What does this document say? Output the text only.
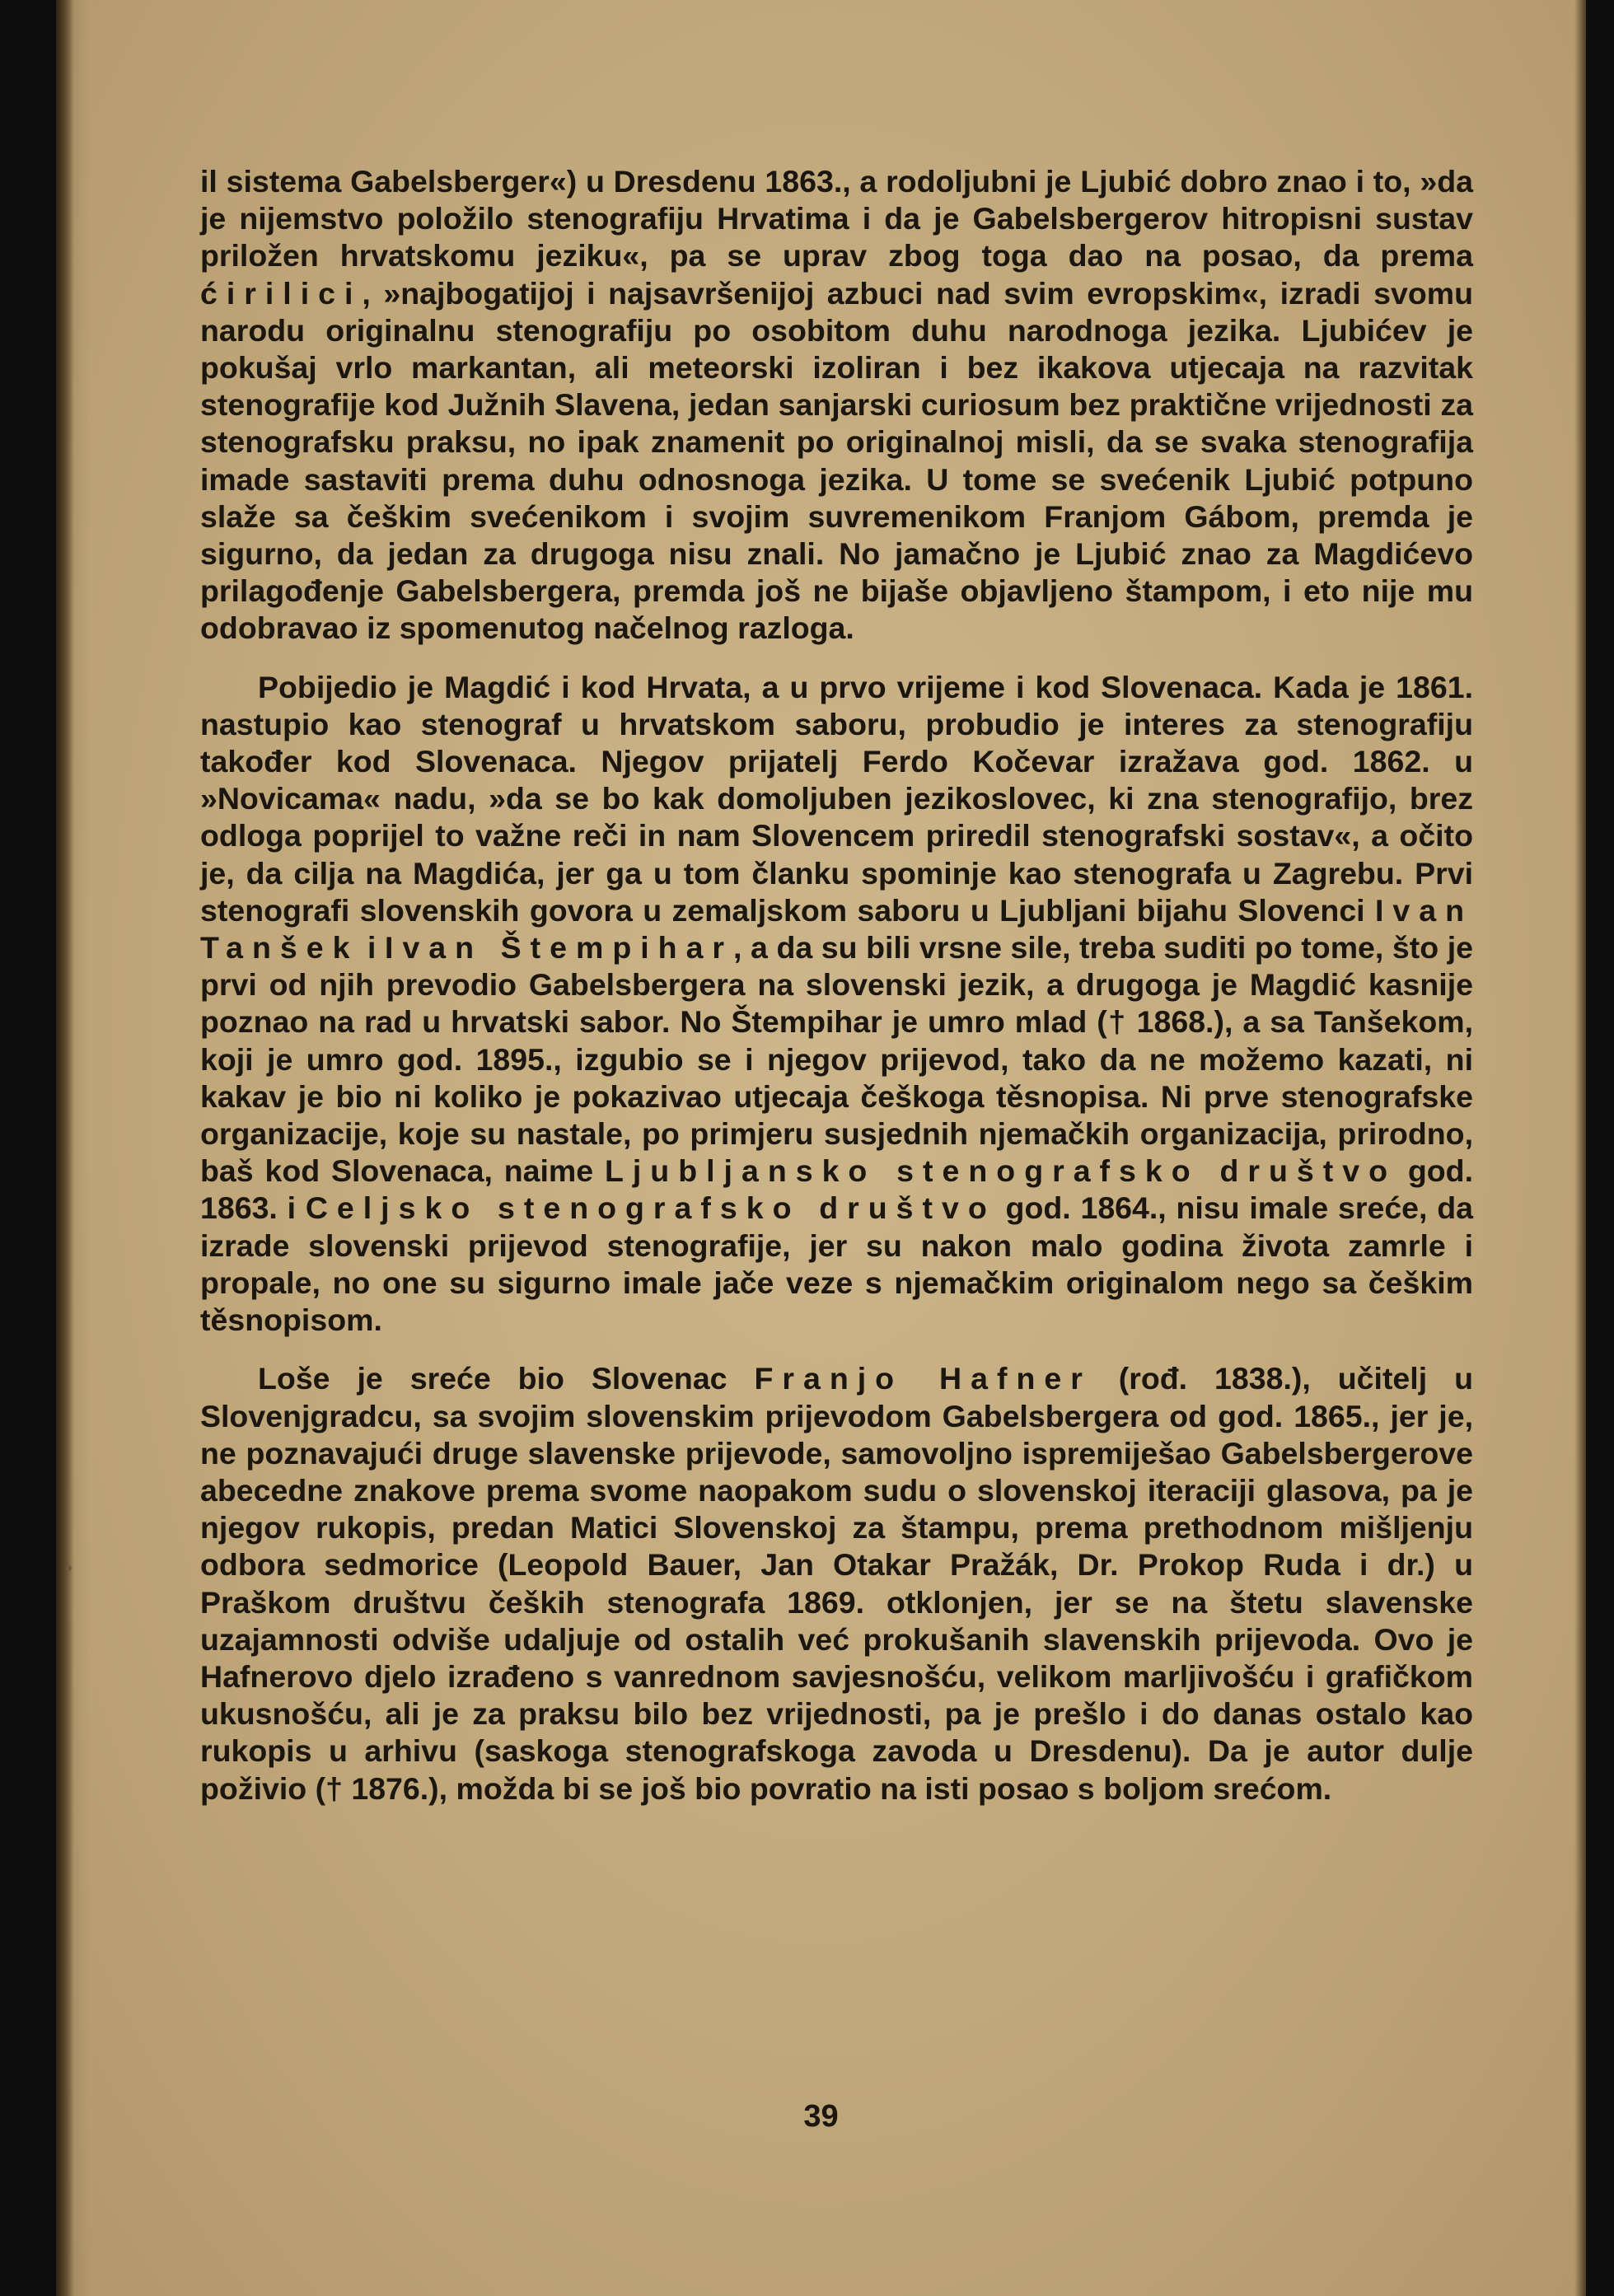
il sistema Gabelsberger«) u Dresdenu 1863., a rodoljubni je Ljubić dobro znao i to, »da je nijemstvo položilo stenografiju Hrvatima i da je Gabelsbergerov hitropisni sustav priložen hrvatskomu jeziku«, pa se uprav zbog toga dao na posao, da prema ćirilici, »najbogatijoj i najsavršenijoj azbuci nad svim evropskim«, izradi svomu narodu originalnu stenografiju po osobitom duhu narodnoga jezika. Ljubićev je pokušaj vrlo markantan, ali meteorski izoliran i bez ikakova utjecaja na razvitak stenografije kod Južnih Slavena, jedan sanjarski curiosum bez praktične vrijednosti za stenografsku praksu, no ipak znamenit po originalnoj misli, da se svaka stenografija imade sastaviti prema duhu odnosnoga jezika. U tome se svećenik Ljubić potpuno slaže sa češkim svećenikom i svojim suvremenikom Franjom Gábom, premda je sigurno, da jedan za drugoga nisu znali. No jamačno je Ljubić znao za Magdićevo prilagođenje Gabelsbergera, premda još ne bijaše objavljeno štampom, i eto nije mu odobravao iz spomenutog načelnog razloga.

Pobijedio je Magdić i kod Hrvata, a u prvo vrijeme i kod Slovenaca. Kada je 1861. nastupio kao stenograf u hrvatskom saboru, probudio je interes za stenografiju također kod Slovenaca. Njegov prijatelj Ferdo Kočevar izražava god. 1862. u »Novicama« nadu, »da se bo kak domoljuben jezikoslovec, ki zna stenografijo, brez odloga poprijel to važne reči in nam Slovencem priredil stenografski sostav«, a očito je, da cilja na Magdića, jer ga u tom članku spominje kao stenografa u Zagrebu. Prvi stenografi slovenskih govora u zemaljskom saboru u Ljubljani bijahu Slovenci Ivan Tanšek i Ivan Štempihar, a da su bili vrsne sile, treba suditi po tome, što je prvi od njih prevodio Gabelsbergera na slovenski jezik, a drugoga je Magdić kasnije poznao na rad u hrvatski sabor. No Štempihar je umro mlad († 1868.), a sa Tanšekom, koji je umro god. 1895., izgubio se i njegov prijevod, tako da ne možemo kazati, ni kakav je bio ni koliko je pokazivao utjecaja češkoga těsnopisa. Ni prve stenografske organizacije, koje su nastale, po primjeru susjednih njemačkih organizacija, prirodno, baš kod Slovenaca, naime Ljubljansko stenografsko društvo god. 1863. i Celjsko stenografsko društvo god. 1864., nisu imale sreće, da izrade slovenski prijevod stenografije, jer su nakon malo godina života zamrle i propale, no one su sigurno imale jače veze s njemačkim originalom nego sa češkim těsnopisom.

Loše je sreće bio Slovenac Franjo Hafner (rođ. 1838.), učitelj u Slovenjgradcu, sa svojim slovenskim prijevodom Gabelsbergera od god. 1865., jer je, ne poznavajući druge slavenske prijevode, samovoljno ispremiješao Gabelsbergerove abecedne znakove prema svome naopakom sudu o slovenskoj iteraciji glasova, pa je njegov rukopis, predan Matici Slovenskoj za štampu, prema prethodnom mišljenju odbora sedmorice (Leopold Bauer, Jan Otakar Pražák, Dr. Prokop Ruda i dr.) u Praškom društvu čeških stenografa 1869. otklonjen, jer se na štetu slavenske uzajamnosti odviše udaljuje od ostalih već prokušanih slavenskih prijevoda. Ovo je Hafnerovo djelo izrađeno s vanrednom savjesnošću, velikom marljivošću i grafičkom ukusnošću, ali je za praksu bilo bez vrijednosti, pa je prešlo i do danas ostalo kao rukopis u arhivu (saskoga stenografskoga zavoda u Dresdenu). Da je autor dulje poživio († 1876.), možda bi se još bio povratio na isti posao s boljom srećom.

39
